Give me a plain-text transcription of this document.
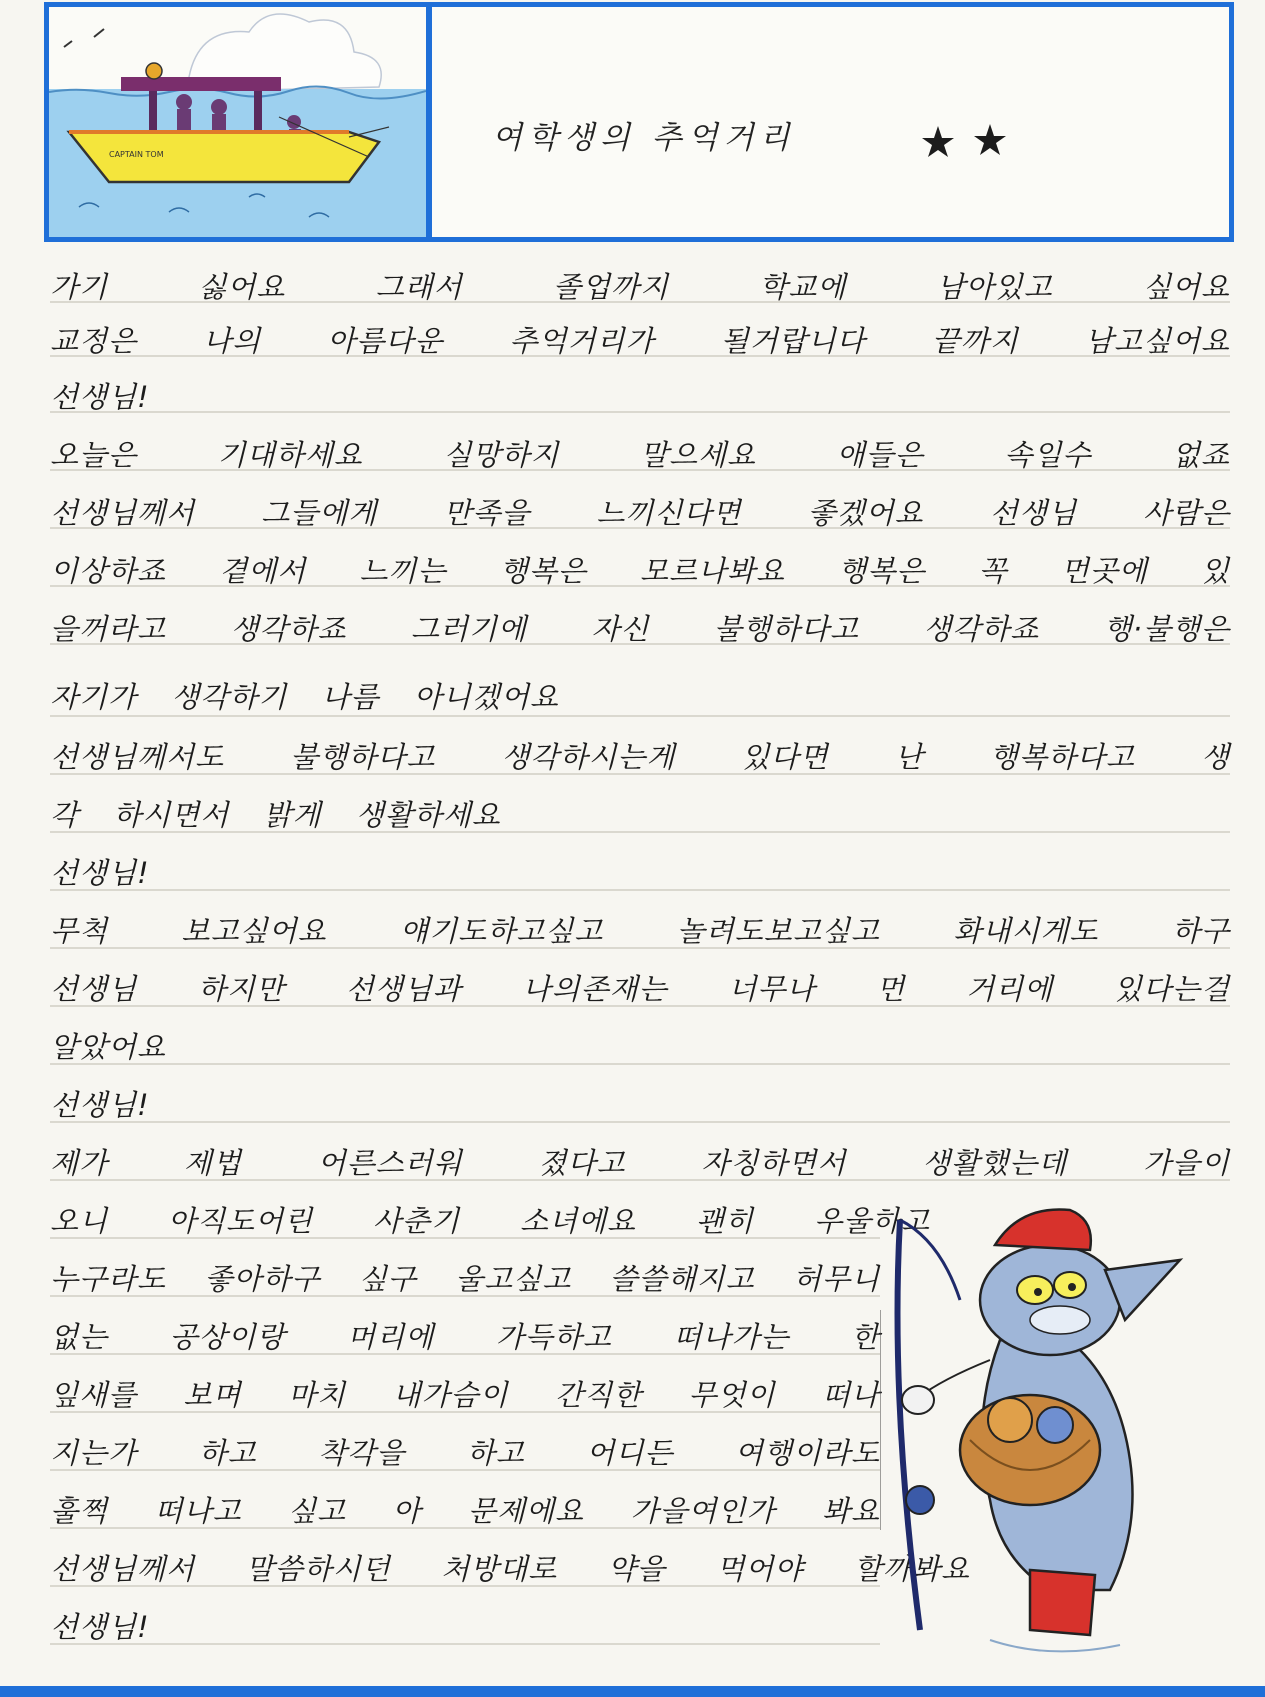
CAPTAIN TOM	여학생의 추억거리
가기 싫어요 그래서 졸업까지 학교에 남아있고 싶어요
교정은 나의 아름다운 추억거리가 될거랍니다 끝까지 남고싶어요
선생님!
오늘은 기대하세요 실망하지 말으세요 애들은 속일수 없죠
선생님께서 그들에게 만족을 느끼신다면 좋겠어요 선생님 사람은
이상하죠 곁에서 느끼는 행복은 모르나봐요 행복은 꼭 먼곳에 있
을꺼라고 생각하죠 그러기에 자신 불행하다고 생각하죠 행·불행은
자기가 생각하기 나름 아니겠어요
선생님께서도 불행하다고 생각하시는게 있다면 난 행복하다고 생
각 하시면서 밝게 생활하세요
선생님!
무척 보고싶어요 얘기도하고싶고 놀려도보고싶고 화내시게도 하구
선생님 하지만 선생님과 나의존재는 너무나 먼 거리에 있다는걸
알았어요
선생님!
제가 제법 어른스러워 졌다고 자칭하면서 생활했는데 가을이
오니 아직도어린 사춘기 소녀에요 괜히 우울하고
누구라도 좋아하구 싶구 울고싶고 쓸쓸해지고 허무니
없는 공상이랑 머리에 가득하고 떠나가는 한
잎새를 보며 마치 내가슴이 간직한 무엇이 떠나
지는가 하고 착각을 하고 어디든 여행이라도
훌쩍 떠나고 싶고 아 문제에요 가을여인가 봐요
선생님께서 말씀하시던 처방대로 약을 먹어야 할까봐요
선생님!
